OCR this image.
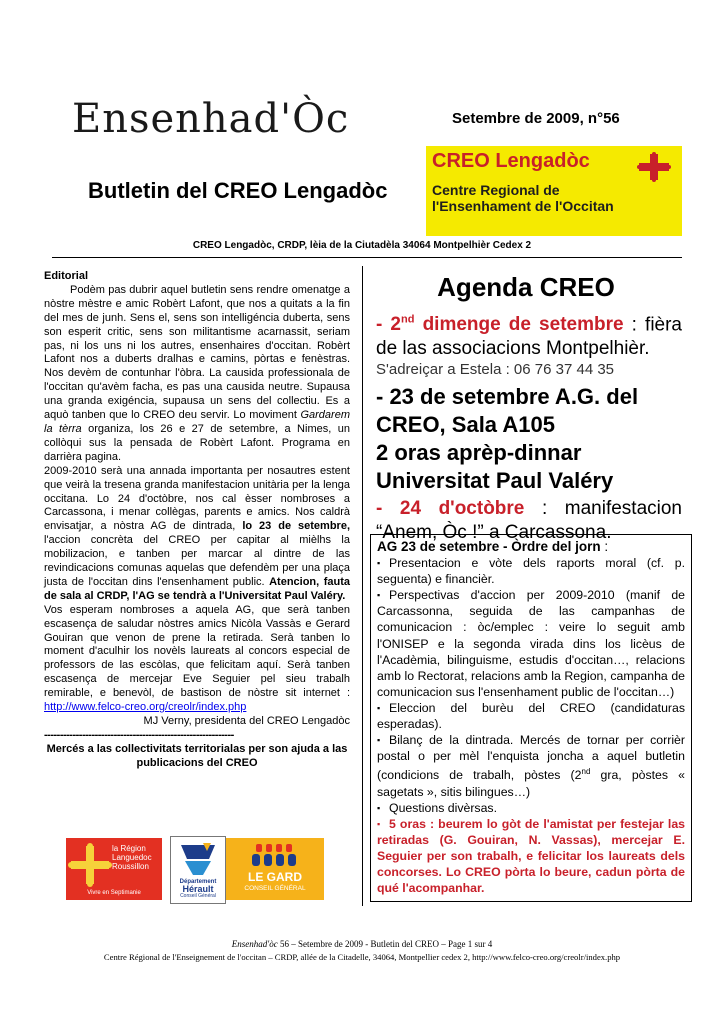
Ensenhad'Òc	Setembre de 2009, n°56
Butletin del CREO Lengadòc
CREO Lengadòc
Centre Regional de
l'Ensenhament de l'Occitan
CREO Lengadòc, CRDP, lèia de la Ciutadèla 34064 Montpelhièr Cedex 2
Editorial
Podèm pas dubrir aquel butletin sens rendre omenatge a nòstre mèstre e amic Robèrt Lafont, que nos a quitats a la fin del mes de junh. Sens el, sens son intelligéncia duberta, sens son esperit critic, sens son militantisme acarnassit, seriam pas, ni los uns ni los autres, ensenhaires d'occitan. Robèrt Lafont nos a duberts dralhas e camins, pòrtas e fenèstras. Nos devèm de contunhar l'òbra. La causida professionala de l'occitan qu'avèm facha, es pas una causida neutre. Supausa una granda exigéncia, supausa un sens del collectiu. Es a aquò tanben que lo CREO deu servir. Lo moviment Gardarem la tèrra organiza, los 26 e 27 de setembre, a Nimes, un collòqui sus la pensada de Robèrt Lafont. Programa en darrièra pagina.
2009-2010 serà una annada importanta per nosautres estent que veirà la tresena granda manifestacion unitària per la lenga occitana. Lo 24 d'octòbre, nos cal èsser nombroses a Carcassona, i menar collègas, parents e amics. Nos caldrà envisatjar, a nòstra AG de dintrada, lo 23 de setembre, l'accion concrèta del CREO per capitar al mièlhs la mobilizacion, e tanben per marcar al dintre de las revindicacions comunas aquelas que defendèm per una plaça justa de l'occitan dins l'ensenhament public. Atencion, fauta de sala al CRDP, l'AG se tendrà a l'Universitat Paul Valéry.
Vos esperam nombroses a aquela AG, que serà tanben escasença de saludar nòstres amics Nicòla Vassàs e Gerard Gouiran que venon de prene la retirada. Serà tanben lo moment d'aculhir los novèls laureats al concors especial de professors de las escòlas, que felicitam aquí. Serà tanben escasença de mercejar Eve Seguier pel sieu trabalh remirable, e benevòl, de bastison de nòstre sit internet : http://www.felco-creo.org/creolr/index.php
MJ Verny, presidenta del CREO Lengadòc
------------------------------------------------------------
Mercés a las collectivitats territorialas per son ajuda a las publicacions del CREO
la Région
Languedoc
Roussillon
Vivre en Septimanie
Département
Hérault
Conseil Général
LE GARD
CONSEIL GÉNÉRAL
Agenda CREO
- 2nd dimenge de setembre : fièra de las associacions Montpelhièr.
S'adreiçar a Estela : 06 76 37 44 35
- 23 de setembre A.G. del CREO, Sala A105
2 oras aprèp-dinnar Universitat Paul Valéry
- 24 d'octòbre : manifestacion “Anem, Òc !” a Carcassona.
AG 23 de setembre - Òrdre del jorn :
▪ Presentacion e vòte dels raports moral (cf. p. seguenta) e financièr.
▪ Perspectivas d'accion per 2009-2010 (manif de Carcassonna, seguida de las campanhas de comunicacion : òc/emplec : veire lo seguit amb l'ONISEP e la segonda virada dins los licèus de l'Acadèmia, bilinguisme, estudis d'occitan…, relacions amb lo Rectorat, relacions amb la Region, campanha de comunicacion sus l'ensenhament public de l'occitan…)
▪ Eleccion del burèu del CREO (candidaturas esperadas).
▪ Bilanç de la dintrada. Mercés de tornar per corrièr postal o per mèl l'enquista joncha a aquel butletin (condicions de trabalh, pòstes (2nd gra, pòstes « sagetats », sitis bilingues…)
▪ Questions divèrsas.
▪ 5 oras : beurem lo gòt de l'amistat per festejar las retiradas (G. Gouiran, N. Vassas), mercejar E. Seguier per son trabalh, e felicitar los laureats dels concorses. Lo CREO pòrta lo beure, cadun pòrta de qué l'acompanhar.
Ensenhad'òc 56 – Setembre de 2009 - Butletin del CREO – Page 1 sur 4
Centre Régional de l'Enseignement de l'occitan – CRDP, allée de la Citadelle, 34064, Montpellier cedex 2, http://www.felco-creo.org/creolr/index.php
